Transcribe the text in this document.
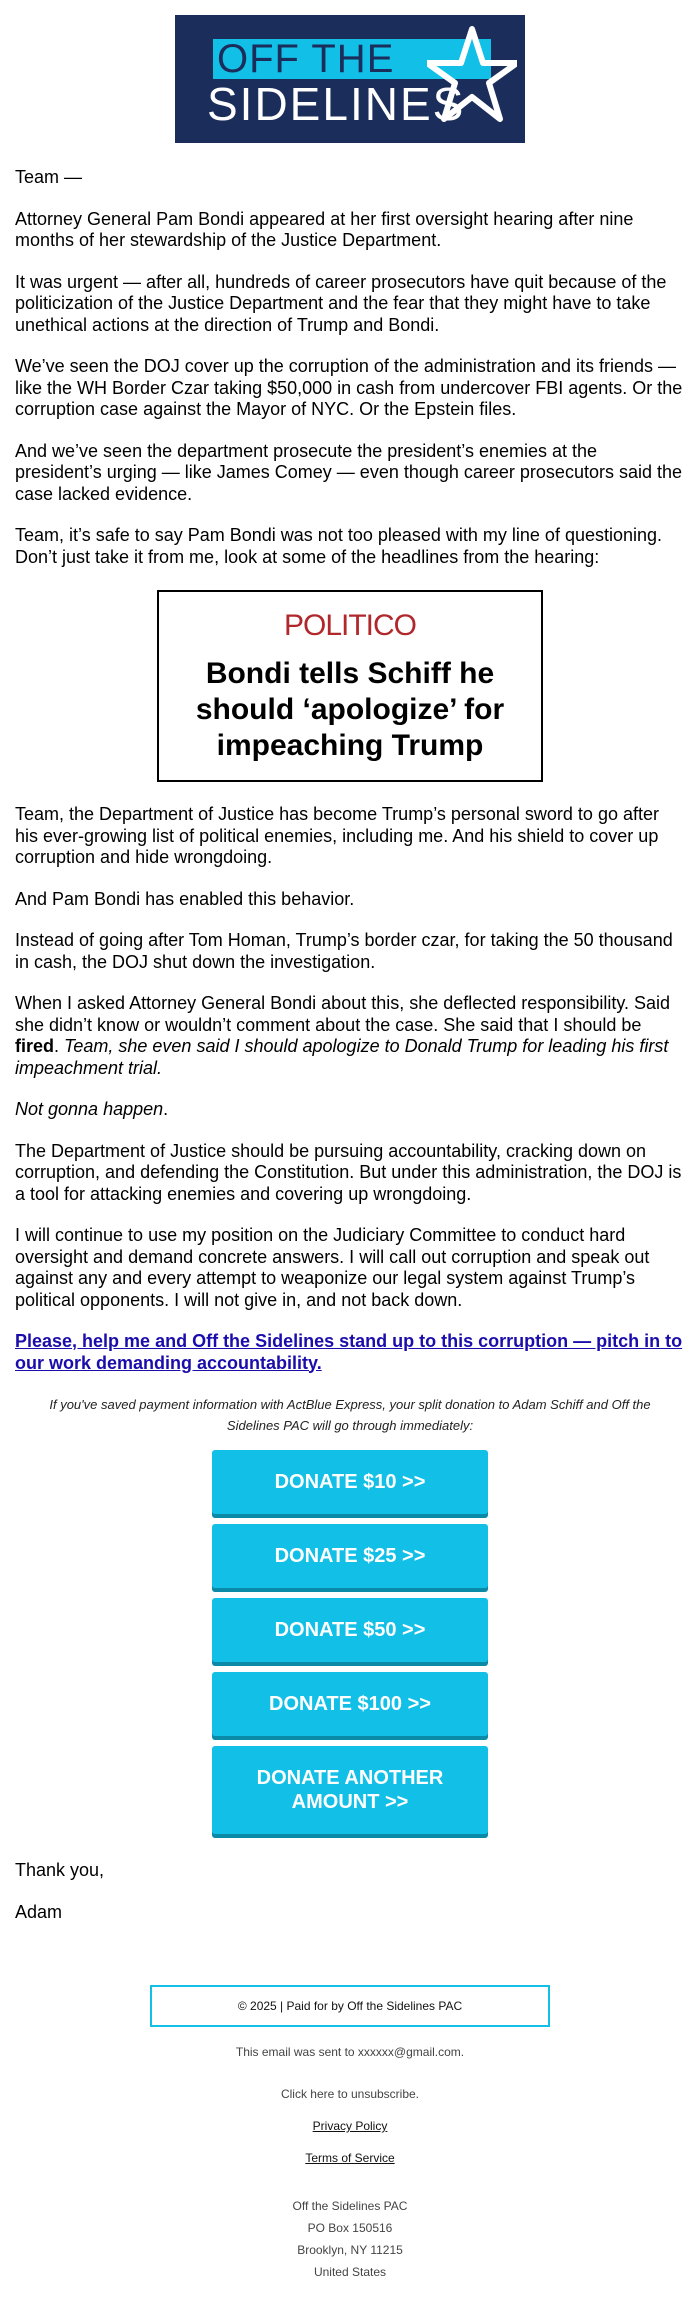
OFF THE
SIDELINES

Team —

Attorney General Pam Bondi appeared at her first oversight hearing after nine months of her stewardship of the Justice Department.

It was urgent — after all, hundreds of career prosecutors have quit because of the politicization of the Justice Department and the fear that they might have to take unethical actions at the direction of Trump and Bondi.

We’ve seen the DOJ cover up the corruption of the administration and its friends — like the WH Border Czar taking $50,000 in cash from undercover FBI agents. Or the corruption case against the Mayor of NYC. Or the Epstein files.

And we’ve seen the department prosecute the president’s enemies at the president’s urging — like James Comey — even though career prosecutors said the case lacked evidence.

Team, it’s safe to say Pam Bondi was not too pleased with my line of questioning. Don’t just take it from me, look at some of the headlines from the hearing:

POLITICO
Bondi tells Schiff he should ‘apologize’ for impeaching Trump

Team, the Department of Justice has become Trump’s personal sword to go after his ever-growing list of political enemies, including me. And his shield to cover up corruption and hide wrongdoing.

And Pam Bondi has enabled this behavior.

Instead of going after Tom Homan, Trump’s border czar, for taking the 50 thousand in cash, the DOJ shut down the investigation.

When I asked Attorney General Bondi about this, she deflected responsibility. Said she didn’t know or wouldn’t comment about the case. She said that I should be fired. Team, she even said I should apologize to Donald Trump for leading his first impeachment trial.

Not gonna happen.

The Department of Justice should be pursuing accountability, cracking down on corruption, and defending the Constitution. But under this administration, the DOJ is a tool for attacking enemies and covering up wrongdoing.

I will continue to use my position on the Judiciary Committee to conduct hard oversight and demand concrete answers. I will call out corruption and speak out against any and every attempt to weaponize our legal system against Trump’s political opponents. I will not give in, and not back down.

Please, help me and Off the Sidelines stand up to this corruption — pitch in to our work demanding accountability.
If you've saved payment information with ActBlue Express, your split donation to Adam Schiff and Off the Sidelines PAC will go through immediately:
DONATE $10 >>
DONATE $25 >>
DONATE $50 >>
DONATE $100 >>
DONATE ANOTHER AMOUNT >>

Thank you,

Adam

© 2025 | Paid for by Off the Sidelines PAC
This email was sent to xxxxxx@gmail.com.
Click here to unsubscribe.
Privacy Policy
Terms of Service
Off the Sidelines PAC
PO Box 150516
Brooklyn, NY 11215
United States
